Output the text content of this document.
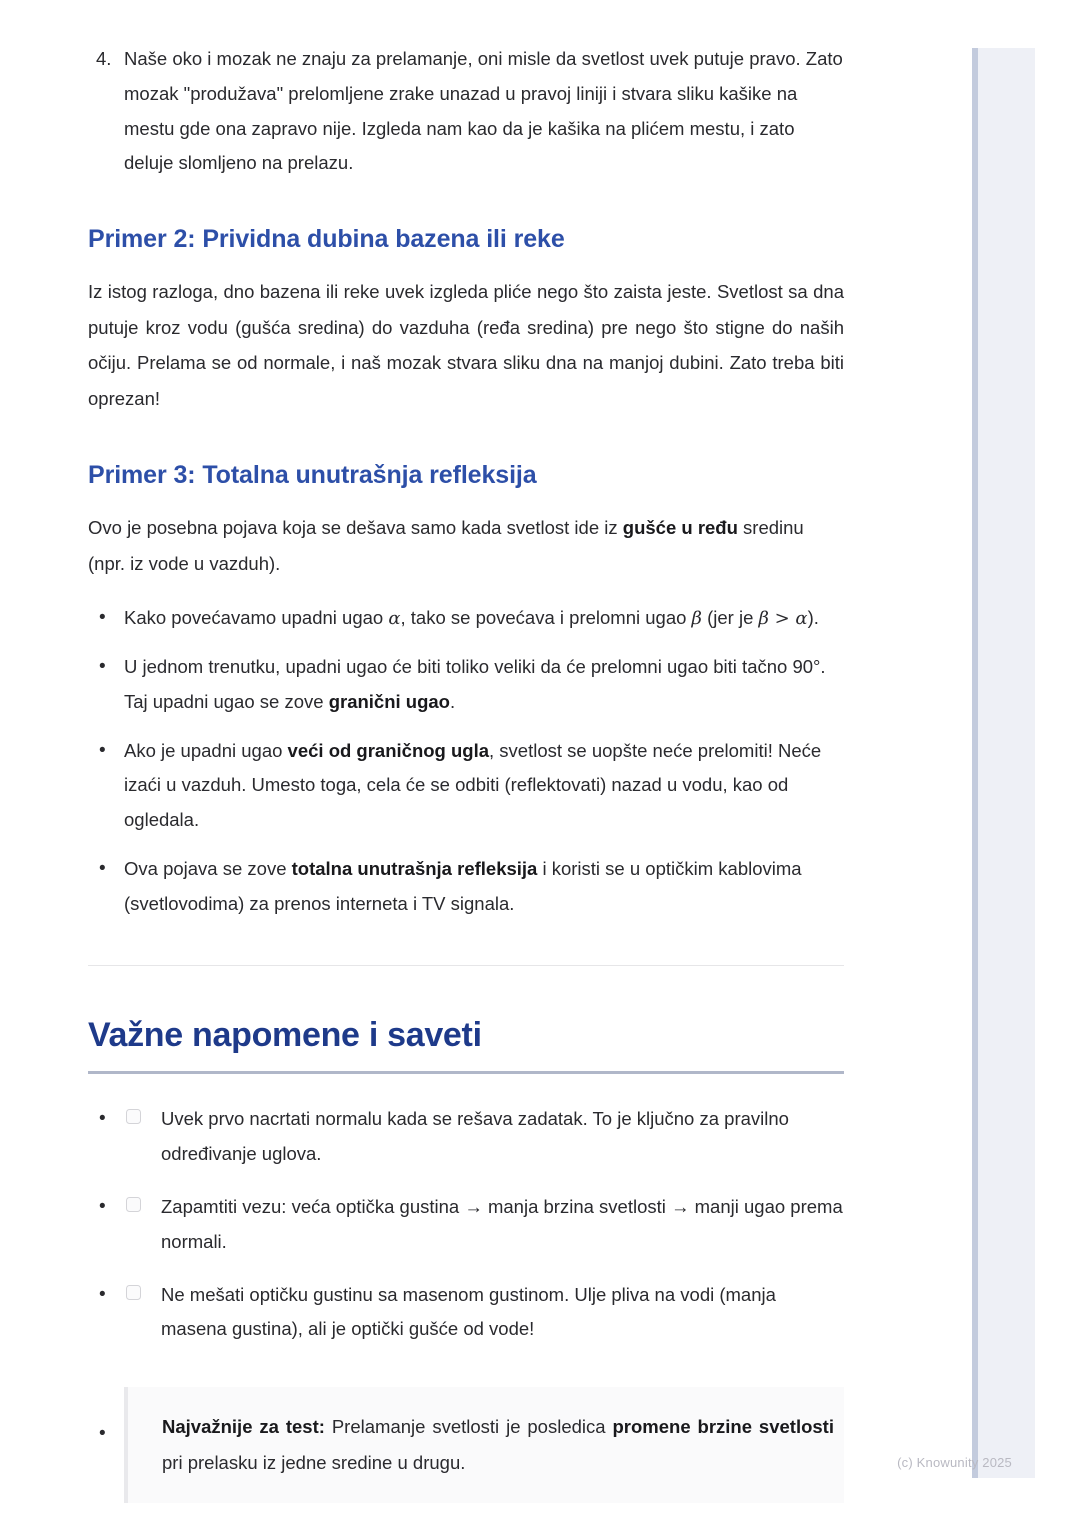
4. Naše oko i mozak ne znaju za prelamanje, oni misle da svetlost uvek putuje pravo. Zato mozak "produžava" prelomljene zrake unazad u pravoj liniji i stvara sliku kašike na mestu gde ona zapravo nije. Izgleda nam kao da je kašika na plićem mestu, i zato deluje slomljeno na prelazu.
Primer 2: Prividna dubina bazena ili reke

Iz istog razloga, dno bazena ili reke uvek izgleda pliće nego što zaista jeste. Svetlost sa dna putuje kroz vodu (gušća sredina) do vazduha (ređa sredina) pre nego što stigne do naših očiju. Prelama se od normale, i naš mozak stvara sliku dna na manjoj dubini. Zato treba biti oprezan!

Primer 3: Totalna unutrašnja refleksija

Ovo je posebna pojava koja se dešava samo kada svetlost ide iz gušće u ređu sredinu (npr. iz vode u vazduh).

• Kako povećavamo upadni ugao α, tako se povećava i prelomni ugao β (jer je β > α).
• U jednom trenutku, upadni ugao će biti toliko veliki da će prelomni ugao biti tačno 90°. Taj upadni ugao se zove granični ugao.
• Ako je upadni ugao veći od graničnog ugla, svetlost se uopšte neće prelomiti! Neće izaći u vazduh. Umesto toga, cela će se odbiti (reflektovati) nazad u vodu, kao od ogledala.
• Ova pojava se zove totalna unutrašnja refleksija i koristi se u optičkim kablovima (svetlovodima) za prenos interneta i TV signala.
Važne napomene i saveti
• Uvek prvo nacrtati normalu kada se rešava zadatak. To je ključno za pravilno određivanje uglova.
• Zapamtiti vezu: veća optička gustina → manja brzina svetlosti → manji ugao prema normali.
• Ne mešati optičku gustinu sa masenom gustinom. Ulje pliva na vodi (manja masena gustina), ali je optički gušće od vode!

• Najvažnije za test: Prelamanje svetlosti je posledica promene brzine svetlosti pri prelasku iz jedne sredine u drugu.	(c) Knowunity 2025
